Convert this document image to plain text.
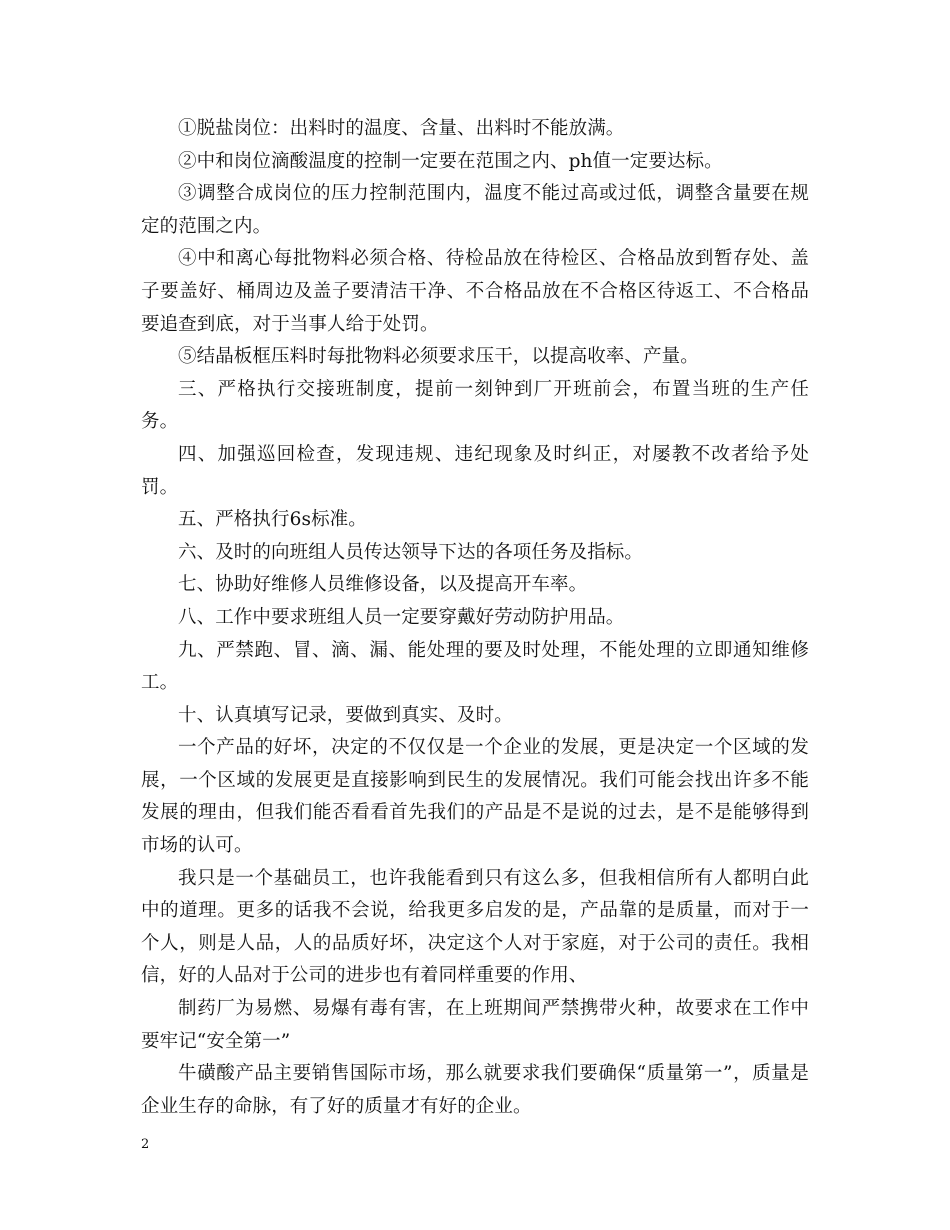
①脱盐岗位：出料时的温度、含量、出料时不能放满。

②中和岗位滴酸温度的控制一定要在范围之内、ph值一定要达标。

③调整合成岗位的压力控制范围内，温度不能过高或过低，调整含量要在规定的范围之内。

④中和离心每批物料必须合格、待检品放在待检区、合格品放到暂存处、盖子要盖好、桶周边及盖子要清洁干净、不合格品放在不合格区待返工、不合格品要追查到底，对于当事人给于处罚。

⑤结晶板框压料时每批物料必须要求压干，以提高收率、产量。

三、严格执行交接班制度，提前一刻钟到厂开班前会，布置当班的生产任务。

四、加强巡回检查，发现违规、违纪现象及时纠正，对屡教不改者给予处罚。

五、严格执行6s标准。

六、及时的向班组人员传达领导下达的各项任务及指标。

七、协助好维修人员维修设备，以及提高开车率。

八、工作中要求班组人员一定要穿戴好劳动防护用品。

九、严禁跑、冒、滴、漏、能处理的要及时处理，不能处理的立即通知维修工。

十、认真填写记录，要做到真实、及时。

一个产品的好坏，决定的不仅仅是一个企业的发展，更是决定一个区域的发展，一个区域的发展更是直接影响到民生的发展情况。我们可能会找出许多不能发展的理由，但我们能否看看首先我们的产品是不是说的过去，是不是能够得到市场的认可。

我只是一个基础员工，也许我能看到只有这么多，但我相信所有人都明白此中的道理。更多的话我不会说，给我更多启发的是，产品靠的是质量，而对于一个人，则是人品，人的品质好坏，决定这个人对于家庭，对于公司的责任。我相信，好的人品对于公司的进步也有着同样重要的作用、

制药厂为易燃、易爆有毒有害，在上班期间严禁携带火种，故要求在工作中要牢记“安全第一”

牛磺酸产品主要销售国际市场，那么就要求我们要确保“质量第一”，质量是企业生存的命脉，有了好的质量才有好的企业。

2
